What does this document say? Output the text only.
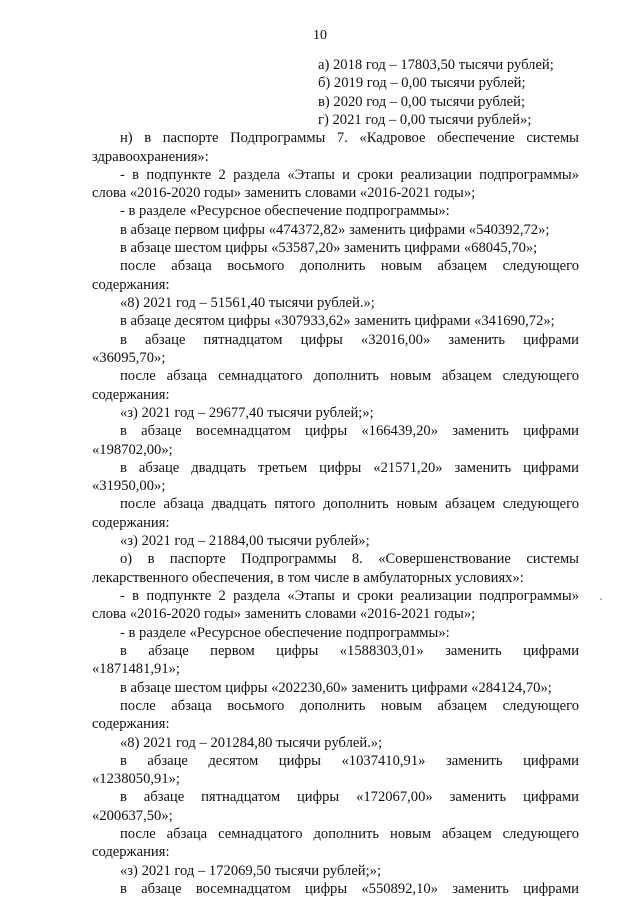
10
а) 2018 год – 17803,50 тысячи рублей;
б) 2019 год – 0,00 тысячи рублей;
в) 2020 год – 0,00 тысячи рублей;
г) 2021 год – 0,00 тысячи рублей»;
н) в паспорте Подпрограммы 7. «Кадровое обеспечение системы
здравоохранения»:
- в подпункте 2 раздела «Этапы и сроки реализации подпрограммы»
слова «2016-2020 годы» заменить словами «2016-2021 годы»;
- в разделе «Ресурсное обеспечение подпрограммы»:
в абзаце первом цифры «474372,82» заменить цифрами «540392,72»;
в абзаце шестом цифры «53587,20» заменить цифрами «68045,70»;
после абзаца восьмого дополнить новым абзацем следующего
содержания:
«8) 2021 год – 51561,40 тысячи рублей.»;
в абзаце десятом цифры «307933,62» заменить цифрами «341690,72»;
в абзаце пятнадцатом цифры «32016,00» заменить цифрами
«36095,70»;
после абзаца семнадцатого дополнить новым абзацем следующего
содержания:
«з) 2021 год – 29677,40 тысячи рублей;»;
в абзаце восемнадцатом цифры «166439,20» заменить цифрами
«198702,00»;
в абзаце двадцать третьем цифры «21571,20» заменить цифрами
«31950,00»;
после абзаца двадцать пятого дополнить новым абзацем следующего
содержания:
«з) 2021 год – 21884,00 тысячи рублей»;
о) в паспорте Подпрограммы 8. «Совершенствование системы
лекарственного обеспечения, в том числе в амбулаторных условиях»:
- в подпункте 2 раздела «Этапы и сроки реализации подпрограммы»
слова «2016-2020 годы» заменить словами «2016-2021 годы»;
- в разделе «Ресурсное обеспечение подпрограммы»:
в абзаце первом цифры «1588303,01» заменить цифрами
«1871481,91»;
в абзаце шестом цифры «202230,60» заменить цифрами «284124,70»;
после абзаца восьмого дополнить новым абзацем следующего
содержания:
«8) 2021 год – 201284,80 тысячи рублей.»;
в абзаце десятом цифры «1037410,91» заменить цифрами
«1238050,91»;
в абзаце пятнадцатом цифры «172067,00» заменить цифрами
«200637,50»;
после абзаца семнадцатого дополнить новым абзацем следующего
содержания:
«з) 2021 год – 172069,50 тысячи рублей;»;
в абзаце восемнадцатом цифры «550892,10» заменить цифрами
